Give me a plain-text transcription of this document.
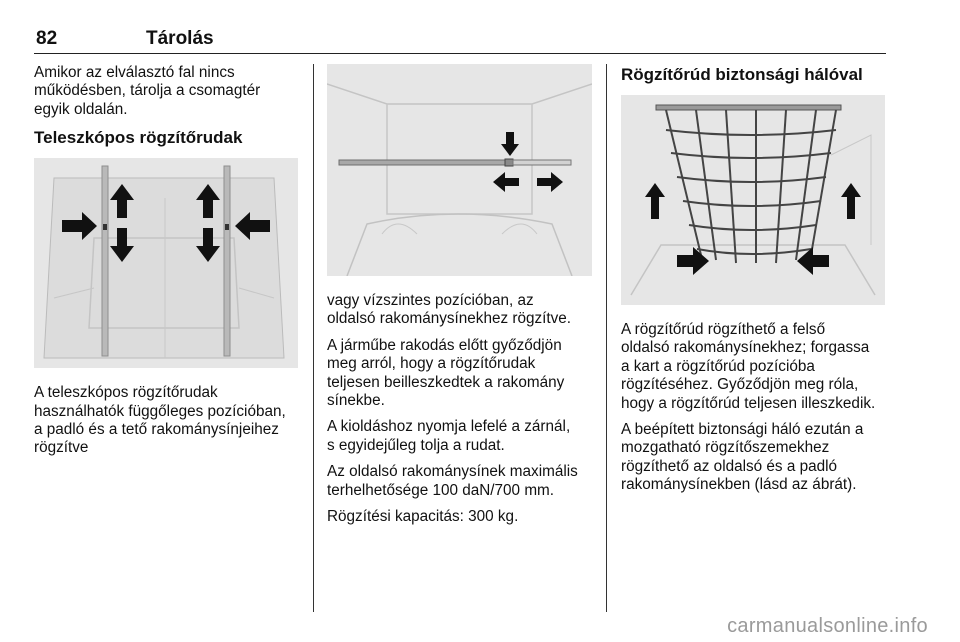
82	Tárolás

Amikor az elválasztó fal nincs
működésben, tárolja a csomagtér
egyik oldalán.

Teleszkópos rögzítőrudak

A teleszkópos rögzítőrudak
használhatók függőleges pozícióban,
a padló és a tető rakománysínjeihez
rögzítve

vagy vízszintes pozícióban, az
oldalsó rakománysínekhez rögzítve.

A járműbe rakodás előtt győződjön
meg arról, hogy a rögzítőrudak
teljesen beilleszkedtek a rakomány
sínekbe.

A kioldáshoz nyomja lefelé a zárnál,
s egyidejűleg tolja a rudat.

Az oldalsó rakománysínek maximális
terhelhetősége 100 daN/700 mm.

Rögzítési kapacitás: 300 kg.

Rögzítőrúd biztonsági hálóval

A rögzítőrúd rögzíthető a felső
oldalsó rakománysínekhez; forgassa
a kart a rögzítőrúd pozícióba
rögzítéséhez. Győződjön meg róla,
hogy a rögzítőrúd teljesen illeszkedik.

A beépített biztonsági háló ezután a
mozgatható rögzítőszemekhez
rögzíthető az oldalsó és a padló
rakománysínekben (lásd az ábrát).

carmanualsonline.info
